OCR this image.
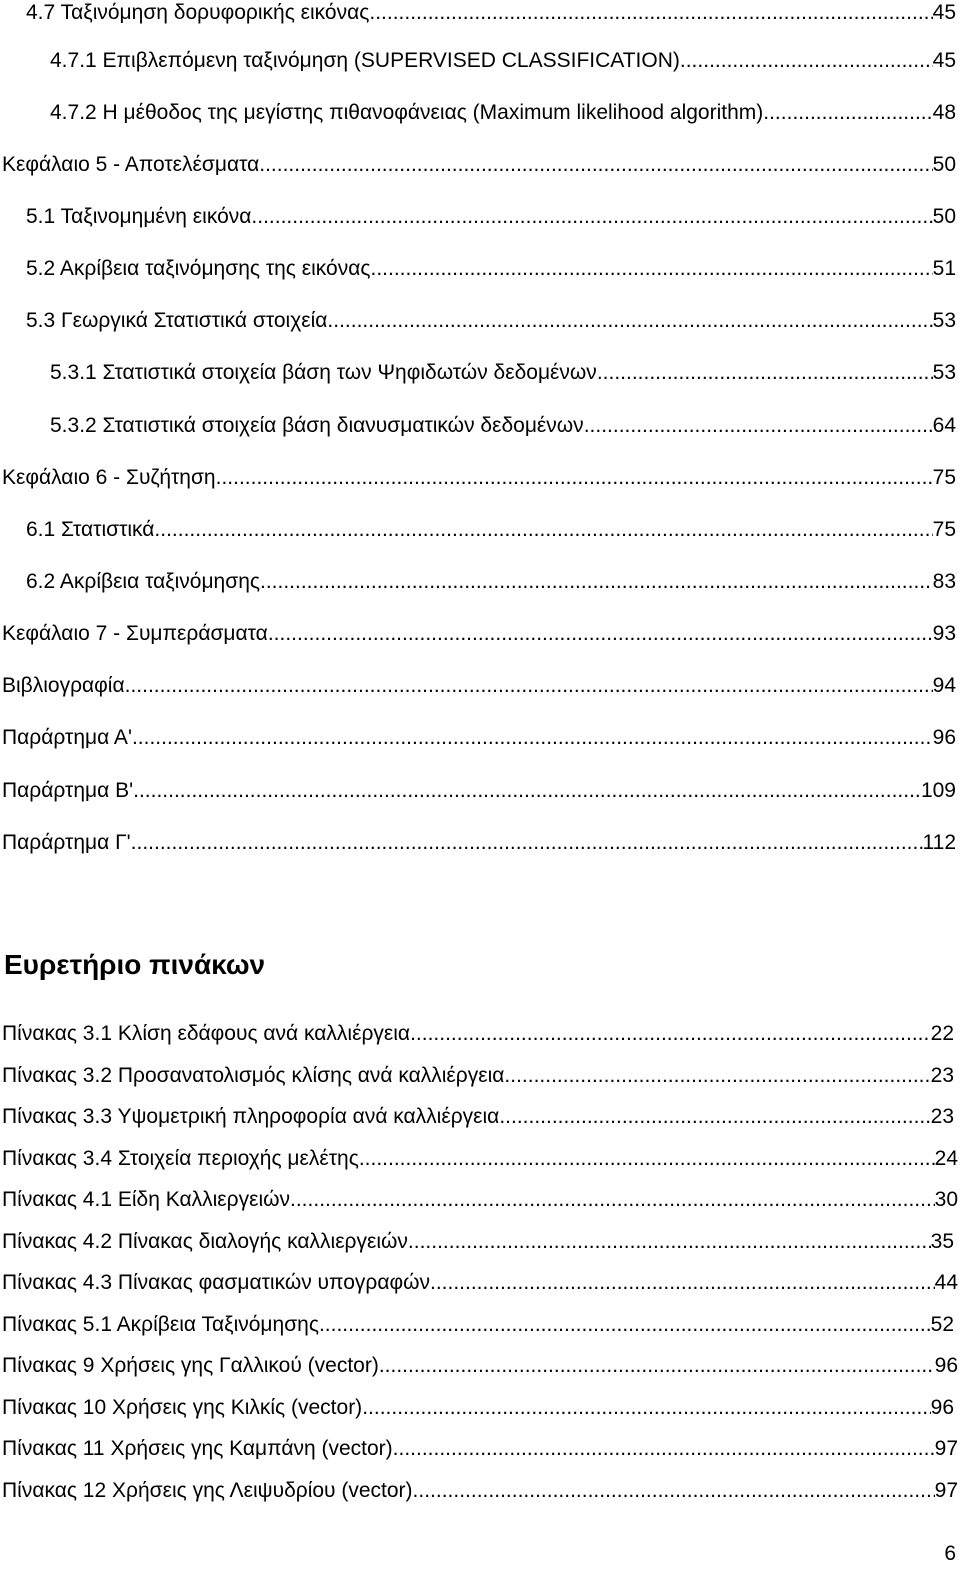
4.7 Ταξινόμηση δορυφορικής εικόνας .....	45
4.7.1 Επιβλεπόμενη ταξινόμηση (SUPERVISED CLASSIFICATION) .....	45
4.7.2 Η μέθοδος της μεγίστης πιθανοφάνειας (Maximum likelihood algorithm) .....	48
Κεφάλαιο 5 - Αποτελέσματα .....	50
5.1 Ταξινομημένη εικόνα .....	50
5.2 Ακρίβεια ταξινόμησης της εικόνας .....	51
5.3 Γεωργικά Στατιστικά στοιχεία .....	53
5.3.1 Στατιστικά στοιχεία βάση των Ψηφιδωτών δεδομένων .....	53
5.3.2 Στατιστικά στοιχεία βάση διανυσματικών δεδομένων .....	64
Κεφάλαιο 6 - Συζήτηση .....	75
6.1 Στατιστικά .....	75
6.2 Ακρίβεια ταξινόμησης .....	83
Κεφάλαιο 7 - Συμπεράσματα .....	93
Βιβλιογραφία .....	94
Παράρτημα Α' .....	96
Παράρτημα Β' .....	109
Παράρτημα Γ' .....	112
Ευρετήριο πινάκων
Πίνακας 3.1 Κλίση εδάφους ανά καλλιέργεια .....	22
Πίνακας 3.2 Προσανατολισμός κλίσης ανά καλλιέργεια .....	23
Πίνακας 3.3 Υψομετρική πληροφορία ανά καλλιέργεια .....	23
Πίνακας 3.4 Στοιχεία περιοχής μελέτης .....	24
Πίνακας 4.1 Είδη Καλλιεργειών .....	30
Πίνακας 4.2 Πίνακας διαλογής καλλιεργειών .....	35
Πίνακας 4.3 Πίνακας φασματικών υπογραφών .....	44
Πίνακας 5.1 Ακρίβεια Ταξινόμησης .....	52
Πίνακας 9 Χρήσεις γης Γαλλικού (vector) .....	96
Πίνακας 10 Χρήσεις γης Κιλκίς (vector) .....	96
Πίνακας 11 Χρήσεις γης Καμπάνη (vector) .....	97
Πίνακας 12 Χρήσεις γης Λειψυδρίου (vector) .....	97
6
